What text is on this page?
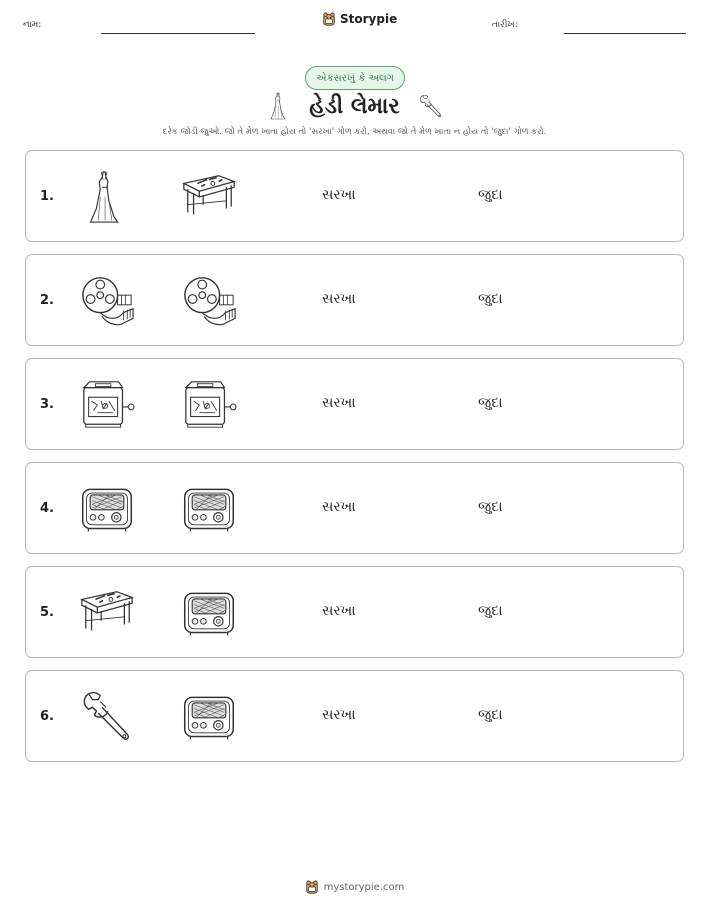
નામ:	Storypie	તારીખ:
એકસરખું કે અલગ
હેડી લેમાર
દરેક જોડી જુઓ. જો તે મેળ ખાતા હોય તો 'સરખા' ગોળ કરો, અથવા જો તે મેળ ખાતા ન હોય તો 'જુદા' ગોળ કરો.
1.	સરખા	જુદા
2.	સરખા	જુદા
3.	સરખા	જુદા
4.	સરખા	જુદા
5.	સરખા	જુદા
6.	સરખા	જુદા
mystorypie.com
